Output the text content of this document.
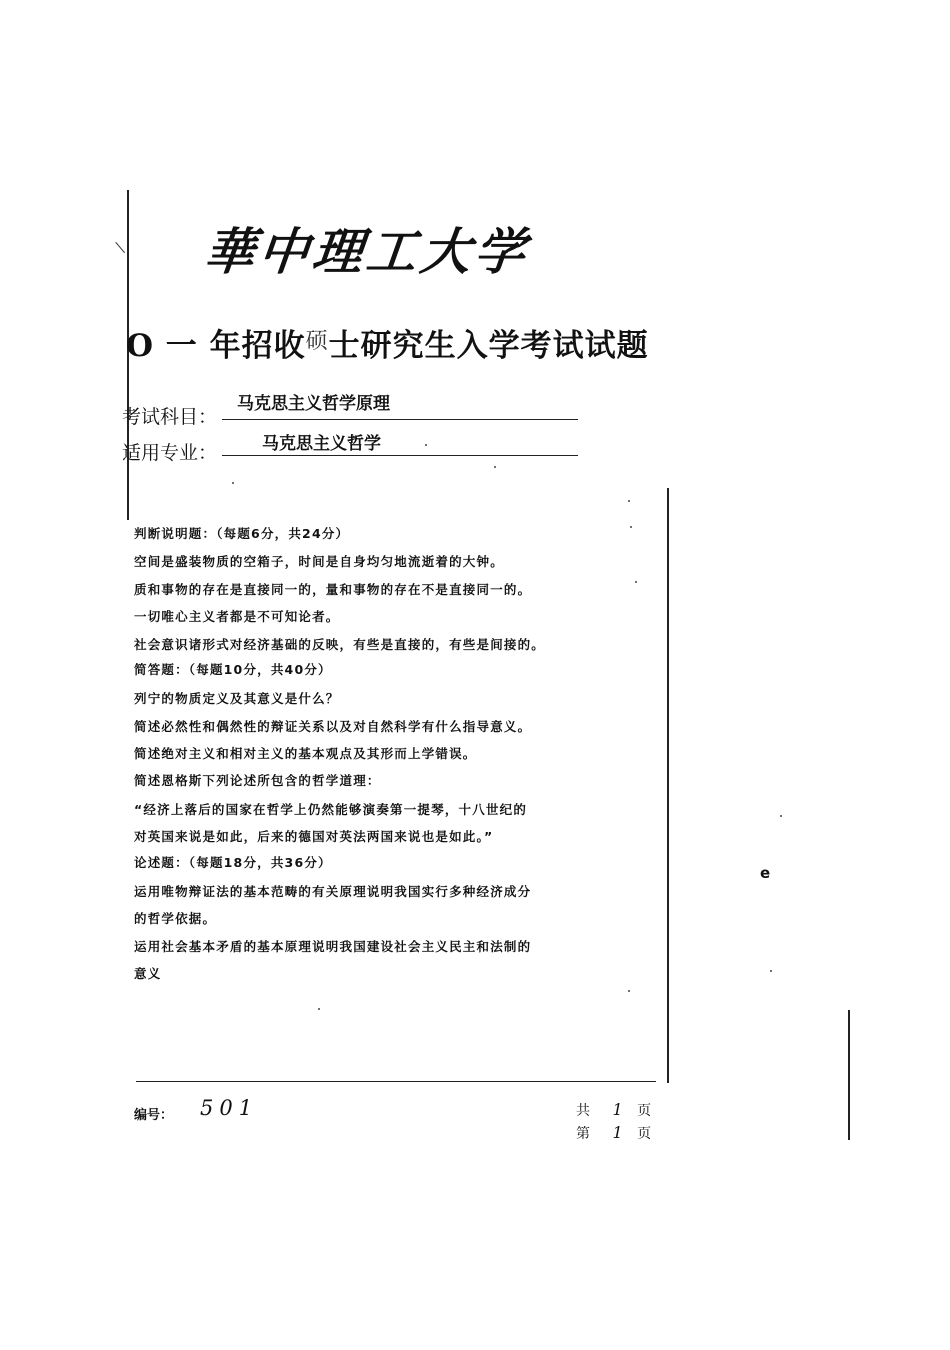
華中理工大学
O 一 年招收$^硕$士研究生入学考试试题
考试科目：
马克思主义哲学原理
适用专业：	马克思主义哲学
判断说明题：（每题6分，共24分）
空间是盛装物质的空箱子，时间是自身均匀地流逝着的大钟。
质和事物的存在是直接同一的，量和事物的存在不是直接同一的。
一切唯心主义者都是不可知论者。
社会意识诸形式对经济基础的反映，有些是直接的，有些是间接的。
简答题：（每题10分，共40分）
列宁的物质定义及其意义是什么？
简述必然性和偶然性的辩证关系以及对自然科学有什么指导意义。
简述绝对主义和相对主义的基本观点及其形而上学错误。
简述恩格斯下列论述所包含的哲学道理：
“经济上落后的国家在哲学上仍然能够演奏第一提琴，十八世纪的
对英国来说是如此，后来的德国对英法两国来说也是如此。”
论述题：（每题18分，共36分）
运用唯物辩证法的基本范畴的有关原理说明我国实行多种经济成分
的哲学依据。
运用社会基本矛盾的基本原理说明我国建设社会主义民主和法制的
意义
e
编号： 501	共 1 页
第 1 页
